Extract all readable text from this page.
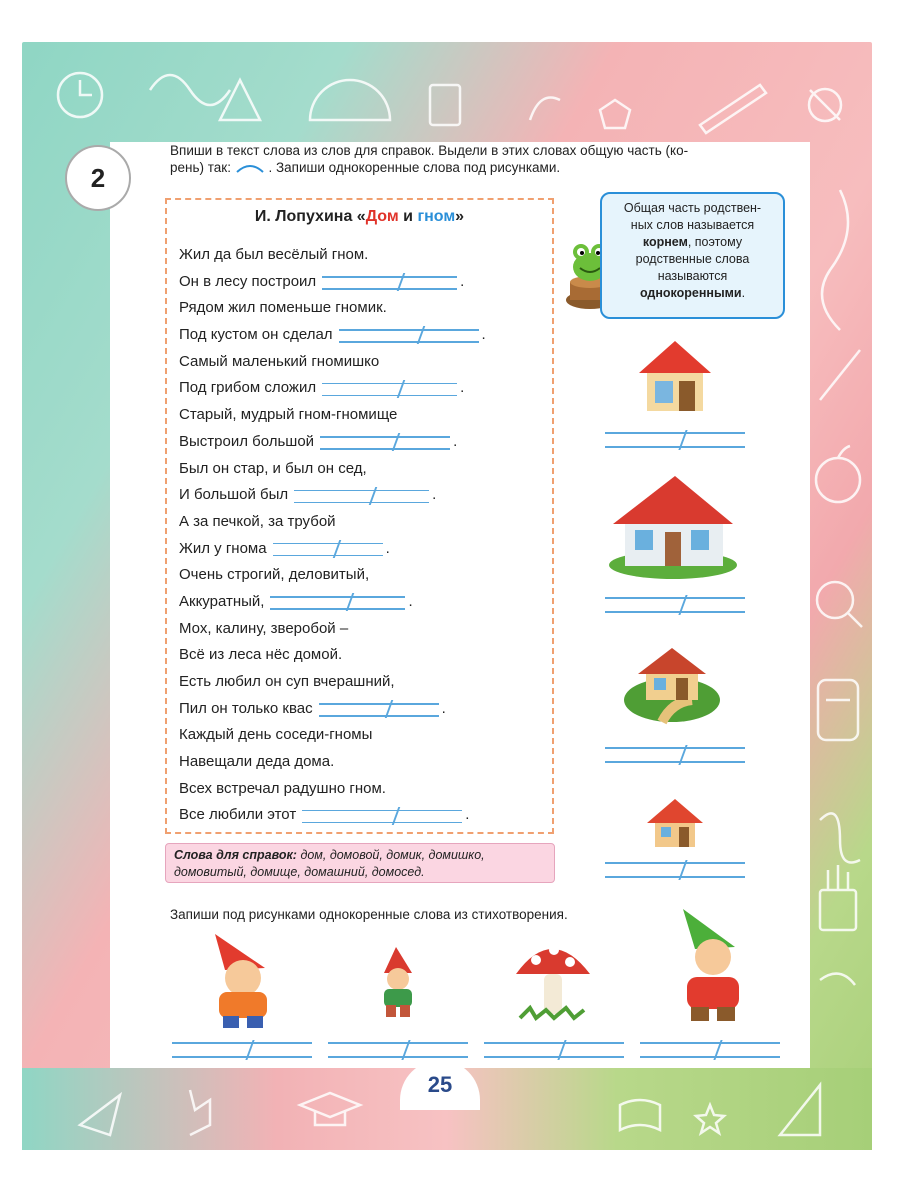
2
Впиши в текст слова из слов для справок. Выдели в этих словах общую часть (ко-
рень) так:	. Запиши однокоренные слова под рисунками.
И. Лопухина «Дом и гном»
Жил да был весёлый гном.
Он в лесу построил	.
Рядом жил поменьше гномик.
Под кустом он сделал	.
Самый маленький гномишко
Под грибом сложил	.
Старый, мудрый гном-гномище
Выстроил большой	.
Был он стар, и был он сед,
И большой был	.
А за печкой, за трубой
Жил у гнома	.
Очень строгий, деловитый,
Аккуратный,	.
Мох, калину, зверобой –
Всё из леса нёс домой.
Есть любил он суп вчерашний,
Пил он только квас	.
Каждый день соседи-гномы
Навещали деда дома.
Всех встречал радушно гном.
Все любили этот	.
Слова для справок: дом, домовой, домик, домишко,
домовитый, домище, домашний, домосед.
Общая часть родствен-
ных слов называется
корнем, поэтому
родственные слова
называются
однокоренными.
Запиши под рисунками однокоренные слова из стихотворения.
25
